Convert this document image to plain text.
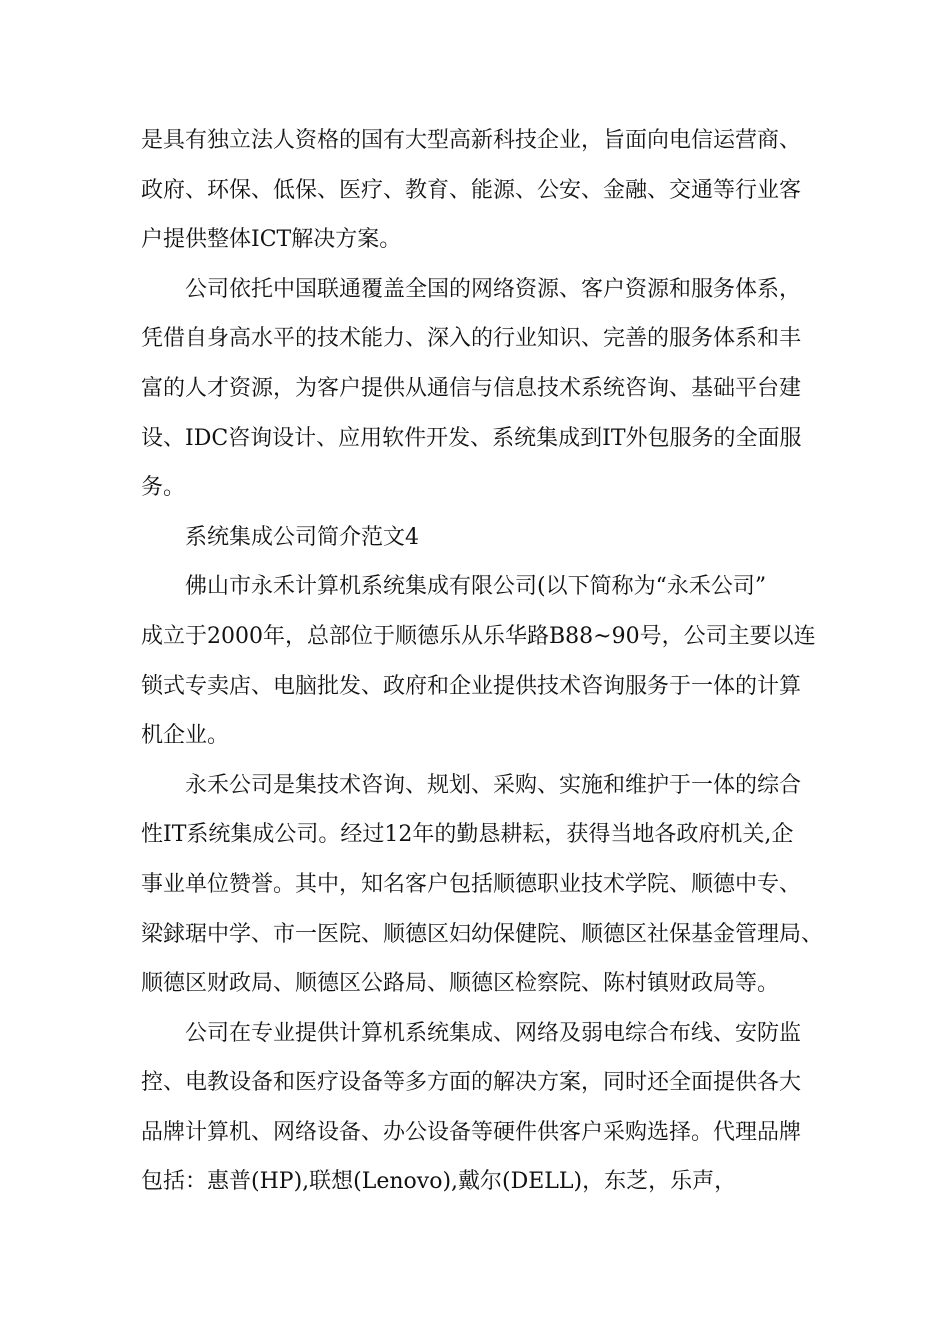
是具有独立法人资格的国有大型高新科技企业，旨面向电信运营商、
政府、环保、低保、医疗、教育、能源、公安、金融、交通等行业客
户提供整体ICT解决方案。
公司依托中国联通覆盖全国的网络资源、客户资源和服务体系，
凭借自身高水平的技术能力、深入的行业知识、完善的服务体系和丰
富的人才资源，为客户提供从通信与信息技术系统咨询、基础平台建
设、IDC咨询设计、应用软件开发、系统集成到IT外包服务的全面服
务。
系统集成公司简介范文4
佛山市永禾计算机系统集成有限公司(以下简称为“永禾公司”
成立于2000年，总部位于顺德乐从乐华路B88~90号，公司主要以连
锁式专卖店、电脑批发、政府和企业提供技术咨询服务于一体的计算
机企业。
永禾公司是集技术咨询、规划、采购、实施和维护于一体的综合
性IT系统集成公司。经过12年的勤恳耕耘，获得当地各政府机关,企
事业单位赞誉。其中，知名客户包括顺德职业技术学院、顺德中专、
梁銶琚中学、市一医院、顺德区妇幼保健院、顺德区社保基金管理局、
顺德区财政局、顺德区公路局、顺德区检察院、陈村镇财政局等。
公司在专业提供计算机系统集成、网络及弱电综合布线、安防监
控、电教设备和医疗设备等多方面的解决方案，同时还全面提供各大
品牌计算机、网络设备、办公设备等硬件供客户采购选择。代理品牌
包括：惠普(HP),联想(Lenovo),戴尔(DELL)，东芝，乐声，
